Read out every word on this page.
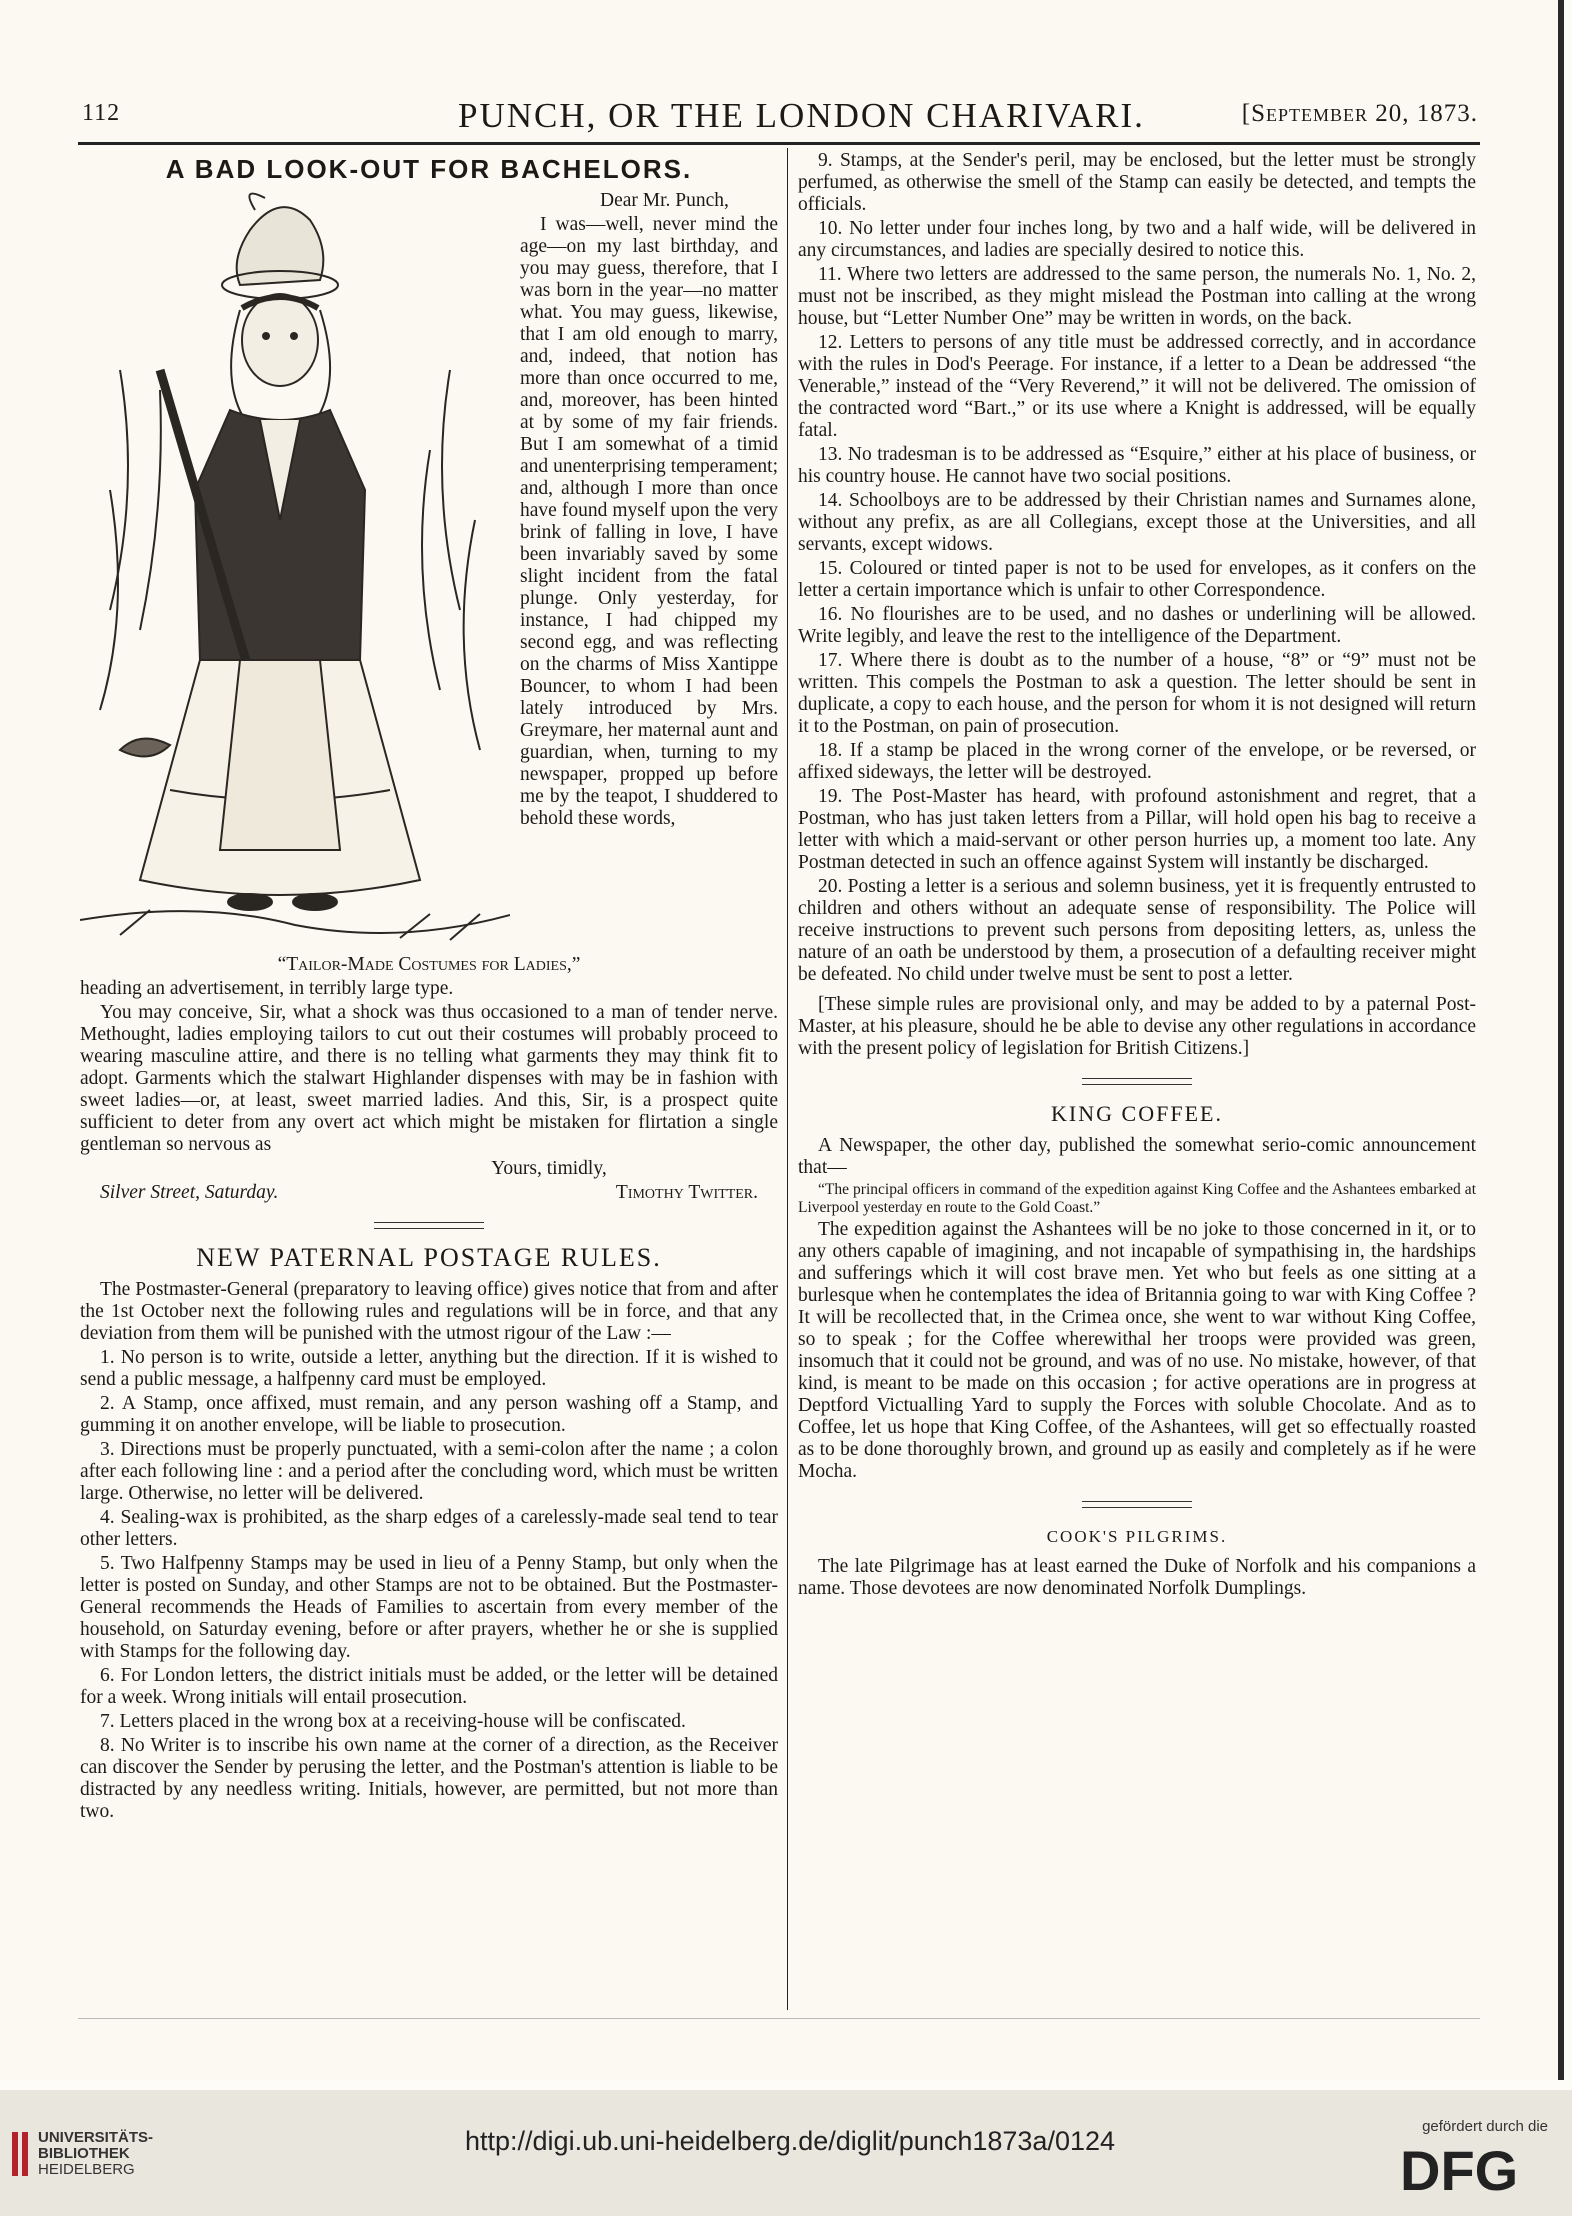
112	PUNCH, OR THE LONDON CHARIVARI.	[September 20, 1873.
A BAD LOOK-OUT FOR BACHELORS.

Dear Mr. Punch,

I was—well, never mind the age—on my last birthday, and you may guess, therefore, that I was born in the year—no matter what. You may guess, likewise, that I am old enough to marry, and, indeed, that notion has more than once occurred to me, and, moreover, has been hinted at by some of my fair friends. But I am somewhat of a timid and unenterprising temperament; and, although I more than once have found myself upon the very brink of falling in love, I have been invariably saved by some slight incident from the fatal plunge. Only yesterday, for instance, I had chipped my second egg, and was reflecting on the charms of Miss Xantippe Bouncer, to whom I had been lately introduced by Mrs. Greymare, her maternal aunt and guardian, when, turning to my newspaper, propped up before me by the teapot, I shuddered to behold these words,

“Tailor-Made Costumes for Ladies,”

heading an advertisement, in terribly large type.

You may conceive, Sir, what a shock was thus occasioned to a man of tender nerve. Methought, ladies employing tailors to cut out their costumes will probably proceed to wearing masculine attire, and there is no telling what garments they may think fit to adopt. Garments which the stalwart Highlander dispenses with may be in fashion with sweet ladies—or, at least, sweet married ladies. And this, Sir, is a prospect quite sufficient to deter from any overt act which might be mistaken for flirtation a single gentleman so nervous as

Yours, timidly,

Silver Street, Saturday.	Timothy Twitter.
NEW PATERNAL POSTAGE RULES.

The Postmaster-General (preparatory to leaving office) gives notice that from and after the 1st October next the following rules and regulations will be in force, and that any deviation from them will be punished with the utmost rigour of the Law :—

1. No person is to write, outside a letter, anything but the direction. If it is wished to send a public message, a halfpenny card must be employed.

2. A Stamp, once affixed, must remain, and any person washing off a Stamp, and gumming it on another envelope, will be liable to prosecution.

3. Directions must be properly punctuated, with a semi-colon after the name ; a colon after each following line : and a period after the concluding word, which must be written large. Otherwise, no letter will be delivered.

4. Sealing-wax is prohibited, as the sharp edges of a carelessly-made seal tend to tear other letters.

5. Two Halfpenny Stamps may be used in lieu of a Penny Stamp, but only when the letter is posted on Sunday, and other Stamps are not to be obtained. But the Postmaster-General recommends the Heads of Families to ascertain from every member of the household, on Saturday evening, before or after prayers, whether he or she is supplied with Stamps for the following day.

6. For London letters, the district initials must be added, or the letter will be detained for a week. Wrong initials will entail prosecution.

7. Letters placed in the wrong box at a receiving-house will be confiscated.

8. No Writer is to inscribe his own name at the corner of a direction, as the Receiver can discover the Sender by perusing the letter, and the Postman's attention is liable to be distracted by any needless writing. Initials, however, are permitted, but not more than two.

9. Stamps, at the Sender's peril, may be enclosed, but the letter must be strongly perfumed, as otherwise the smell of the Stamp can easily be detected, and tempts the officials.

10. No letter under four inches long, by two and a half wide, will be delivered in any circumstances, and ladies are specially desired to notice this.

11. Where two letters are addressed to the same person, the numerals No. 1, No. 2, must not be inscribed, as they might mislead the Postman into calling at the wrong house, but “Letter Number One” may be written in words, on the back.

12. Letters to persons of any title must be addressed correctly, and in accordance with the rules in Dod's Peerage. For instance, if a letter to a Dean be addressed “the Venerable,” instead of the “Very Reverend,” it will not be delivered. The omission of the contracted word “Bart.,” or its use where a Knight is addressed, will be equally fatal.

13. No tradesman is to be addressed as “Esquire,” either at his place of business, or his country house. He cannot have two social positions.

14. Schoolboys are to be addressed by their Christian names and Surnames alone, without any prefix, as are all Collegians, except those at the Universities, and all servants, except widows.

15. Coloured or tinted paper is not to be used for envelopes, as it confers on the letter a certain importance which is unfair to other Correspondence.

16. No flourishes are to be used, and no dashes or underlining will be allowed. Write legibly, and leave the rest to the intelligence of the Department.

17. Where there is doubt as to the number of a house, “8” or “9” must not be written. This compels the Postman to ask a question. The letter should be sent in duplicate, a copy to each house, and the person for whom it is not designed will return it to the Postman, on pain of prosecution.

18. If a stamp be placed in the wrong corner of the envelope, or be reversed, or affixed sideways, the letter will be destroyed.

19. The Post-Master has heard, with profound astonishment and regret, that a Postman, who has just taken letters from a Pillar, will hold open his bag to receive a letter with which a maid-servant or other person hurries up, a moment too late. Any Postman detected in such an offence against System will instantly be discharged.

20. Posting a letter is a serious and solemn business, yet it is frequently entrusted to children and others without an adequate sense of responsibility. The Police will receive instructions to prevent such persons from depositing letters, as, unless the nature of an oath be understood by them, a prosecution of a defaulting receiver might be defeated. No child under twelve must be sent to post a letter.

[These simple rules are provisional only, and may be added to by a paternal Post-Master, at his pleasure, should he be able to devise any other regulations in accordance with the present policy of legislation for British Citizens.]

KING COFFEE.

A Newspaper, the other day, published the somewhat serio-comic announcement that—

“The principal officers in command of the expedition against King Coffee and the Ashantees embarked at Liverpool yesterday en route to the Gold Coast.”

The expedition against the Ashantees will be no joke to those concerned in it, or to any others capable of imagining, and not incapable of sympathising in, the hardships and sufferings which it will cost brave men. Yet who but feels as one sitting at a burlesque when he contemplates the idea of Britannia going to war with King Coffee ? It will be recollected that, in the Crimea once, she went to war without King Coffee, so to speak ; for the Coffee wherewithal her troops were provided was green, insomuch that it could not be ground, and was of no use. No mistake, however, of that kind, is meant to be made on this occasion ; for active operations are in progress at Deptford Victualling Yard to supply the Forces with soluble Chocolate. And as to Coffee, let us hope that King Coffee, of the Ashantees, will get so effectually roasted as to be done thoroughly brown, and ground up as easily and completely as if he were Mocha.

COOK'S PILGRIMS.

The late Pilgrimage has at least earned the Duke of Norfolk and his companions a name. Those devotees are now denominated Norfolk Dumplings.

UNIVERSITÄTS-
BIBLIOTHEK
HEIDELBERG
http://digi.ub.uni-heidelberg.de/diglit/punch1873a/0124	gefördert durch die
DFG
